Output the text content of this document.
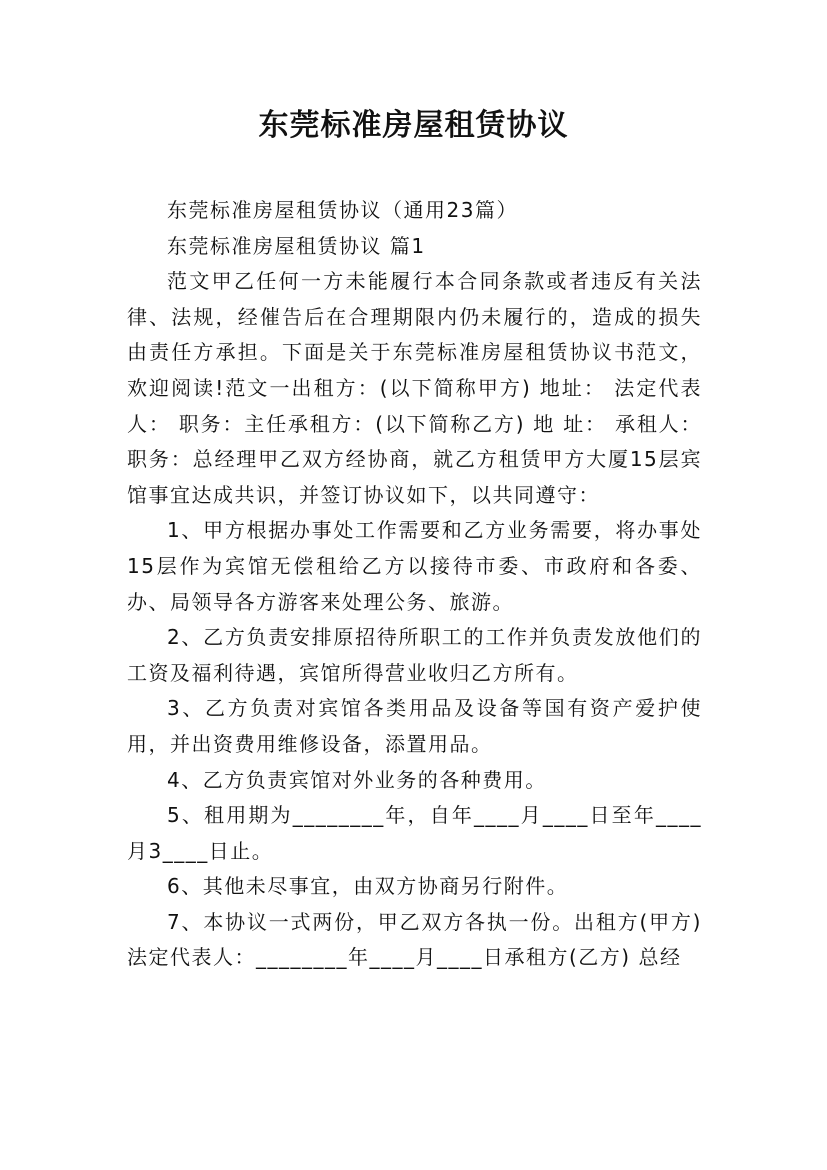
东莞标准房屋租赁协议

东莞标准房屋租赁协议（通用23篇）

东莞标准房屋租赁协议 篇1

范文甲乙任何一方未能履行本合同条款或者违反有关法律、法规，经催告后在合理期限内仍未履行的，造成的损失由责任方承担。下面是关于东莞标准房屋租赁协议书范文，欢迎阅读!范文一出租方：(以下简称甲方) 地址： 法定代表人： 职务：主任承租方：(以下简称乙方) 地 址： 承租人： 职务：总经理甲乙双方经协商，就乙方租赁甲方大厦15层宾馆事宜达成共识，并签订协议如下，以共同遵守：

1、甲方根据办事处工作需要和乙方业务需要，将办事处15层作为宾馆无偿租给乙方以接待市委、市政府和各委、办、局领导各方游客来处理公务、旅游。

2、乙方负责安排原招待所职工的工作并负责发放他们的工资及福利待遇，宾馆所得营业收归乙方所有。

3、乙方负责对宾馆各类用品及设备等国有资产爱护使用，并出资费用维修设备，添置用品。

4、乙方负责宾馆对外业务的各种费用。

5、租用期为________年，自年____月____日至年____月3____日止。

6、其他未尽事宜，由双方协商另行附件。

7、本协议一式两份，甲乙双方各执一份。出租方(甲方)法定代表人：________年____月____日承租方(乙方) 总经
